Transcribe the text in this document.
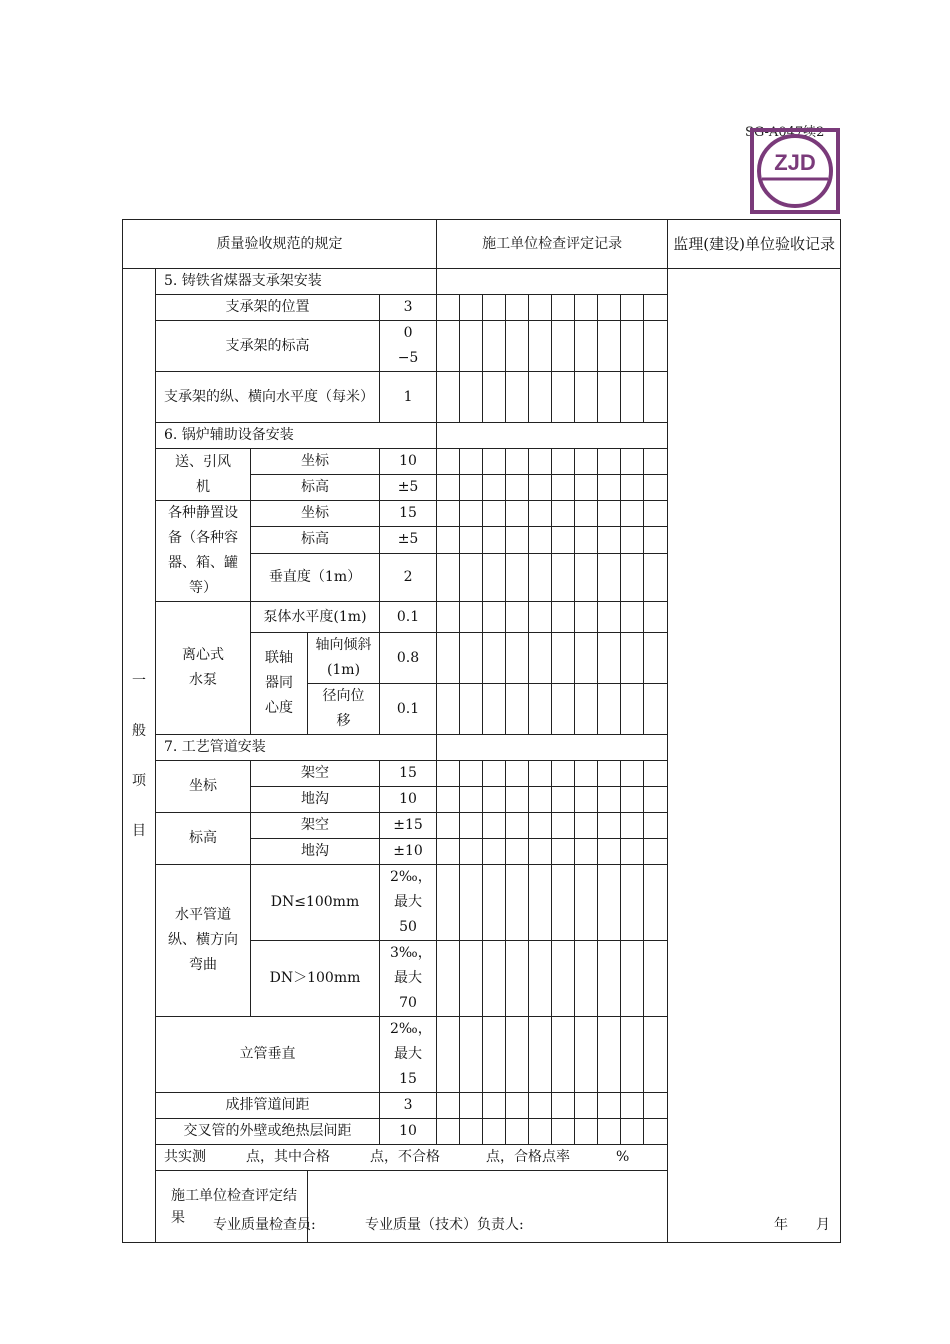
SG-A047续2
ZJD
质量验收规范的规定					施工单位检查评定记录										监理(建设)单位验收记录
一
般
项
目	5. 铸铁省煤器支承架安装														
	支承架的位置			3											
	支承架的标高			0 −5											
	支承架的纵、横向水平度（每米）			1											
	6. 锅炉辅助设备安装														
	送、引风机	坐标		10											
		标高		±5											
	各种静置设备（各种容器、箱、罐等）	坐标		15											
		标高		±5											
		垂直度（1m）		2											
	离心式水泵	泵体水平度(1m)		0.1											
		联轴器同心度	轴向倾斜(1m)	0.8											
			径向位移	0.1											
	7. 工艺管道安装														
	坐标	架空		15											
		地沟		10											
	标高	架空		±15											
		地沟		±10											
	水平管道纵、横方向弯曲	DN≤100mm		2‰，最大50											
		DN＞100mm		3‰，最大70											
	立管垂直			2‰，最大15											
	成排管道间距			3											
	交叉管的外壁或绝热层间距			10											
	共实测 点，其中合格 点，不合格 点，合格点率 %														
	施工单位检查评定结果														专业质量检查员:	专业质量（技术）负责人:	年 月
